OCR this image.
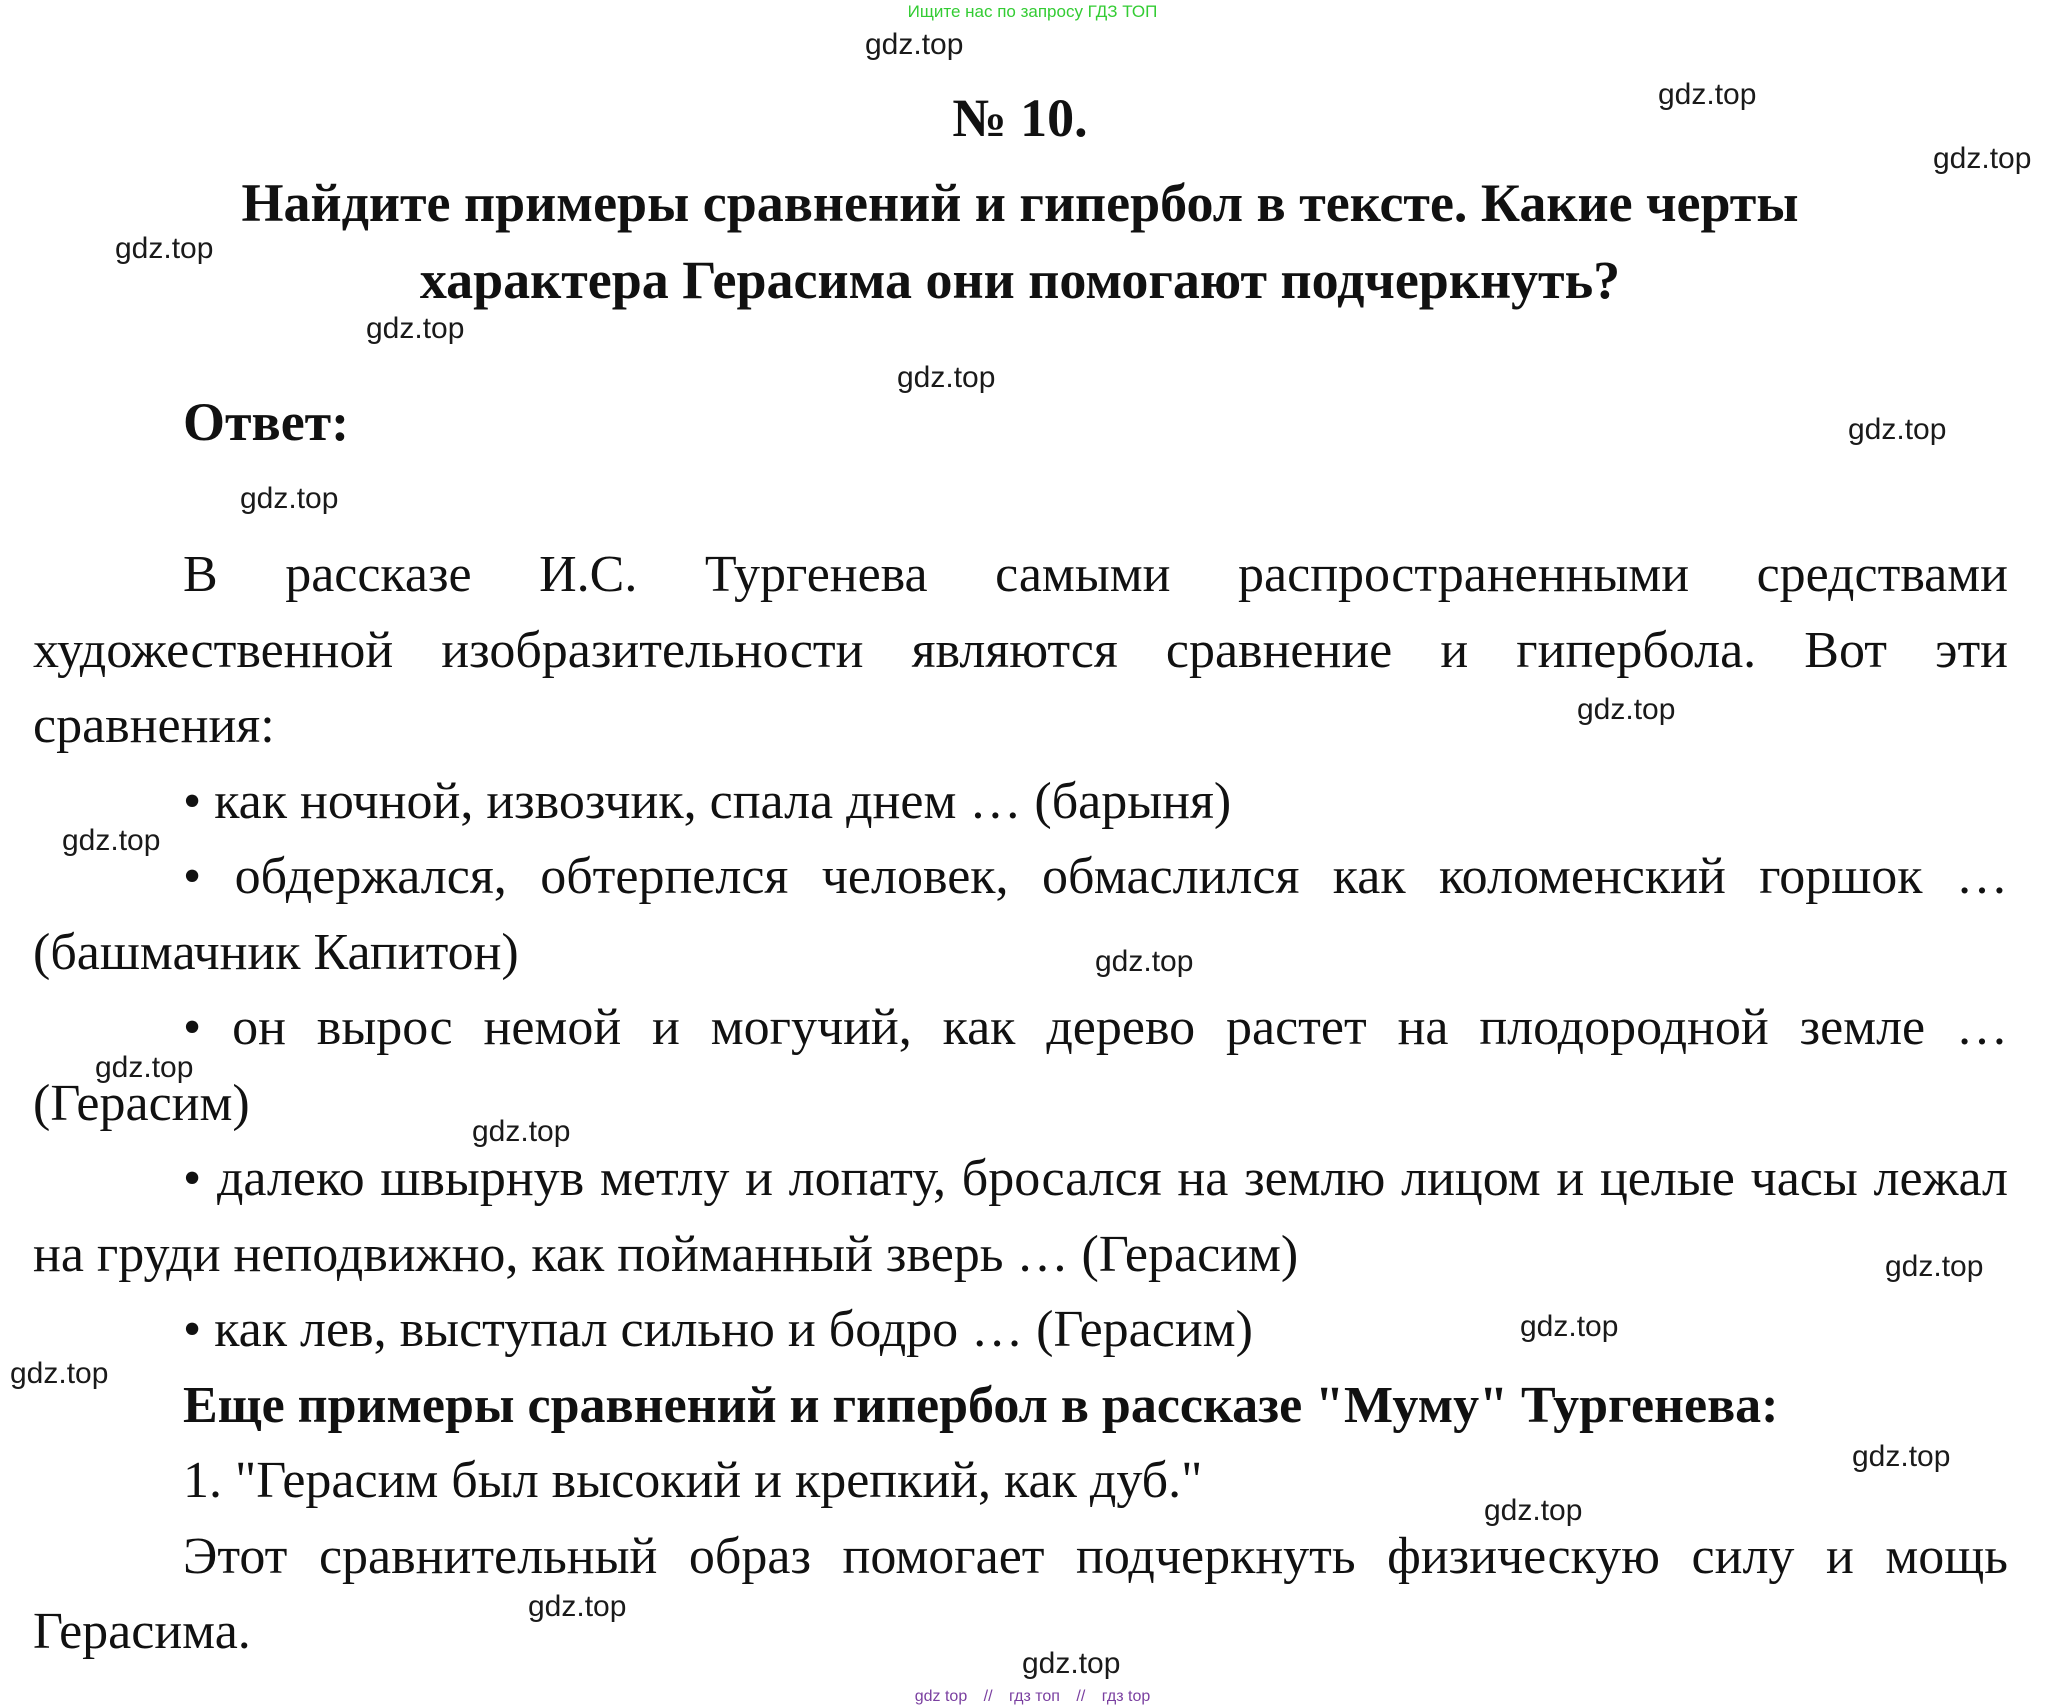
Ищите нас по запросу ГДЗ ТОП
№ 10.
Найдите примеры сравнений и гипербол в тексте. Какие черты
характера Герасима они помогают подчеркнуть?
Ответ:

В рассказе И.С. Тургенева самыми распространенными средствами художественной изобразительности являются сравнение и гипербола. Вот эти сравнения:

• как ночной, извозчик, спала днем … (барыня)

• обдержался, обтерпелся человек, обмаслился как коломенский горшок … (башмачник Капитон)

• он вырос немой и могучий, как дерево растет на плодородной земле … (Герасим)

• далеко швырнув метлу и лопату, бросался на землю лицом и целые часы лежал на груди неподвижно, как пойманный зверь … (Герасим)

• как лев, выступал сильно и бодро … (Герасим)

Еще примеры сравнений и гипербол в рассказе "Муму" Тургенева:

1. "Герасим был высокий и крепкий, как дуб."

Этот сравнительный образ помогает подчеркнуть физическую силу и мощь Герасима.

gdz.top
gdz.top
gdz.top
gdz.top
gdz.top
gdz.top
gdz.top
gdz.top
gdz.top
gdz.top
gdz.top
gdz.top
gdz.top
gdz.top
gdz.top
gdz.top
gdz.top
gdz.top
gdz.top
gdz.top
gdz top // гдз топ // гдз top
